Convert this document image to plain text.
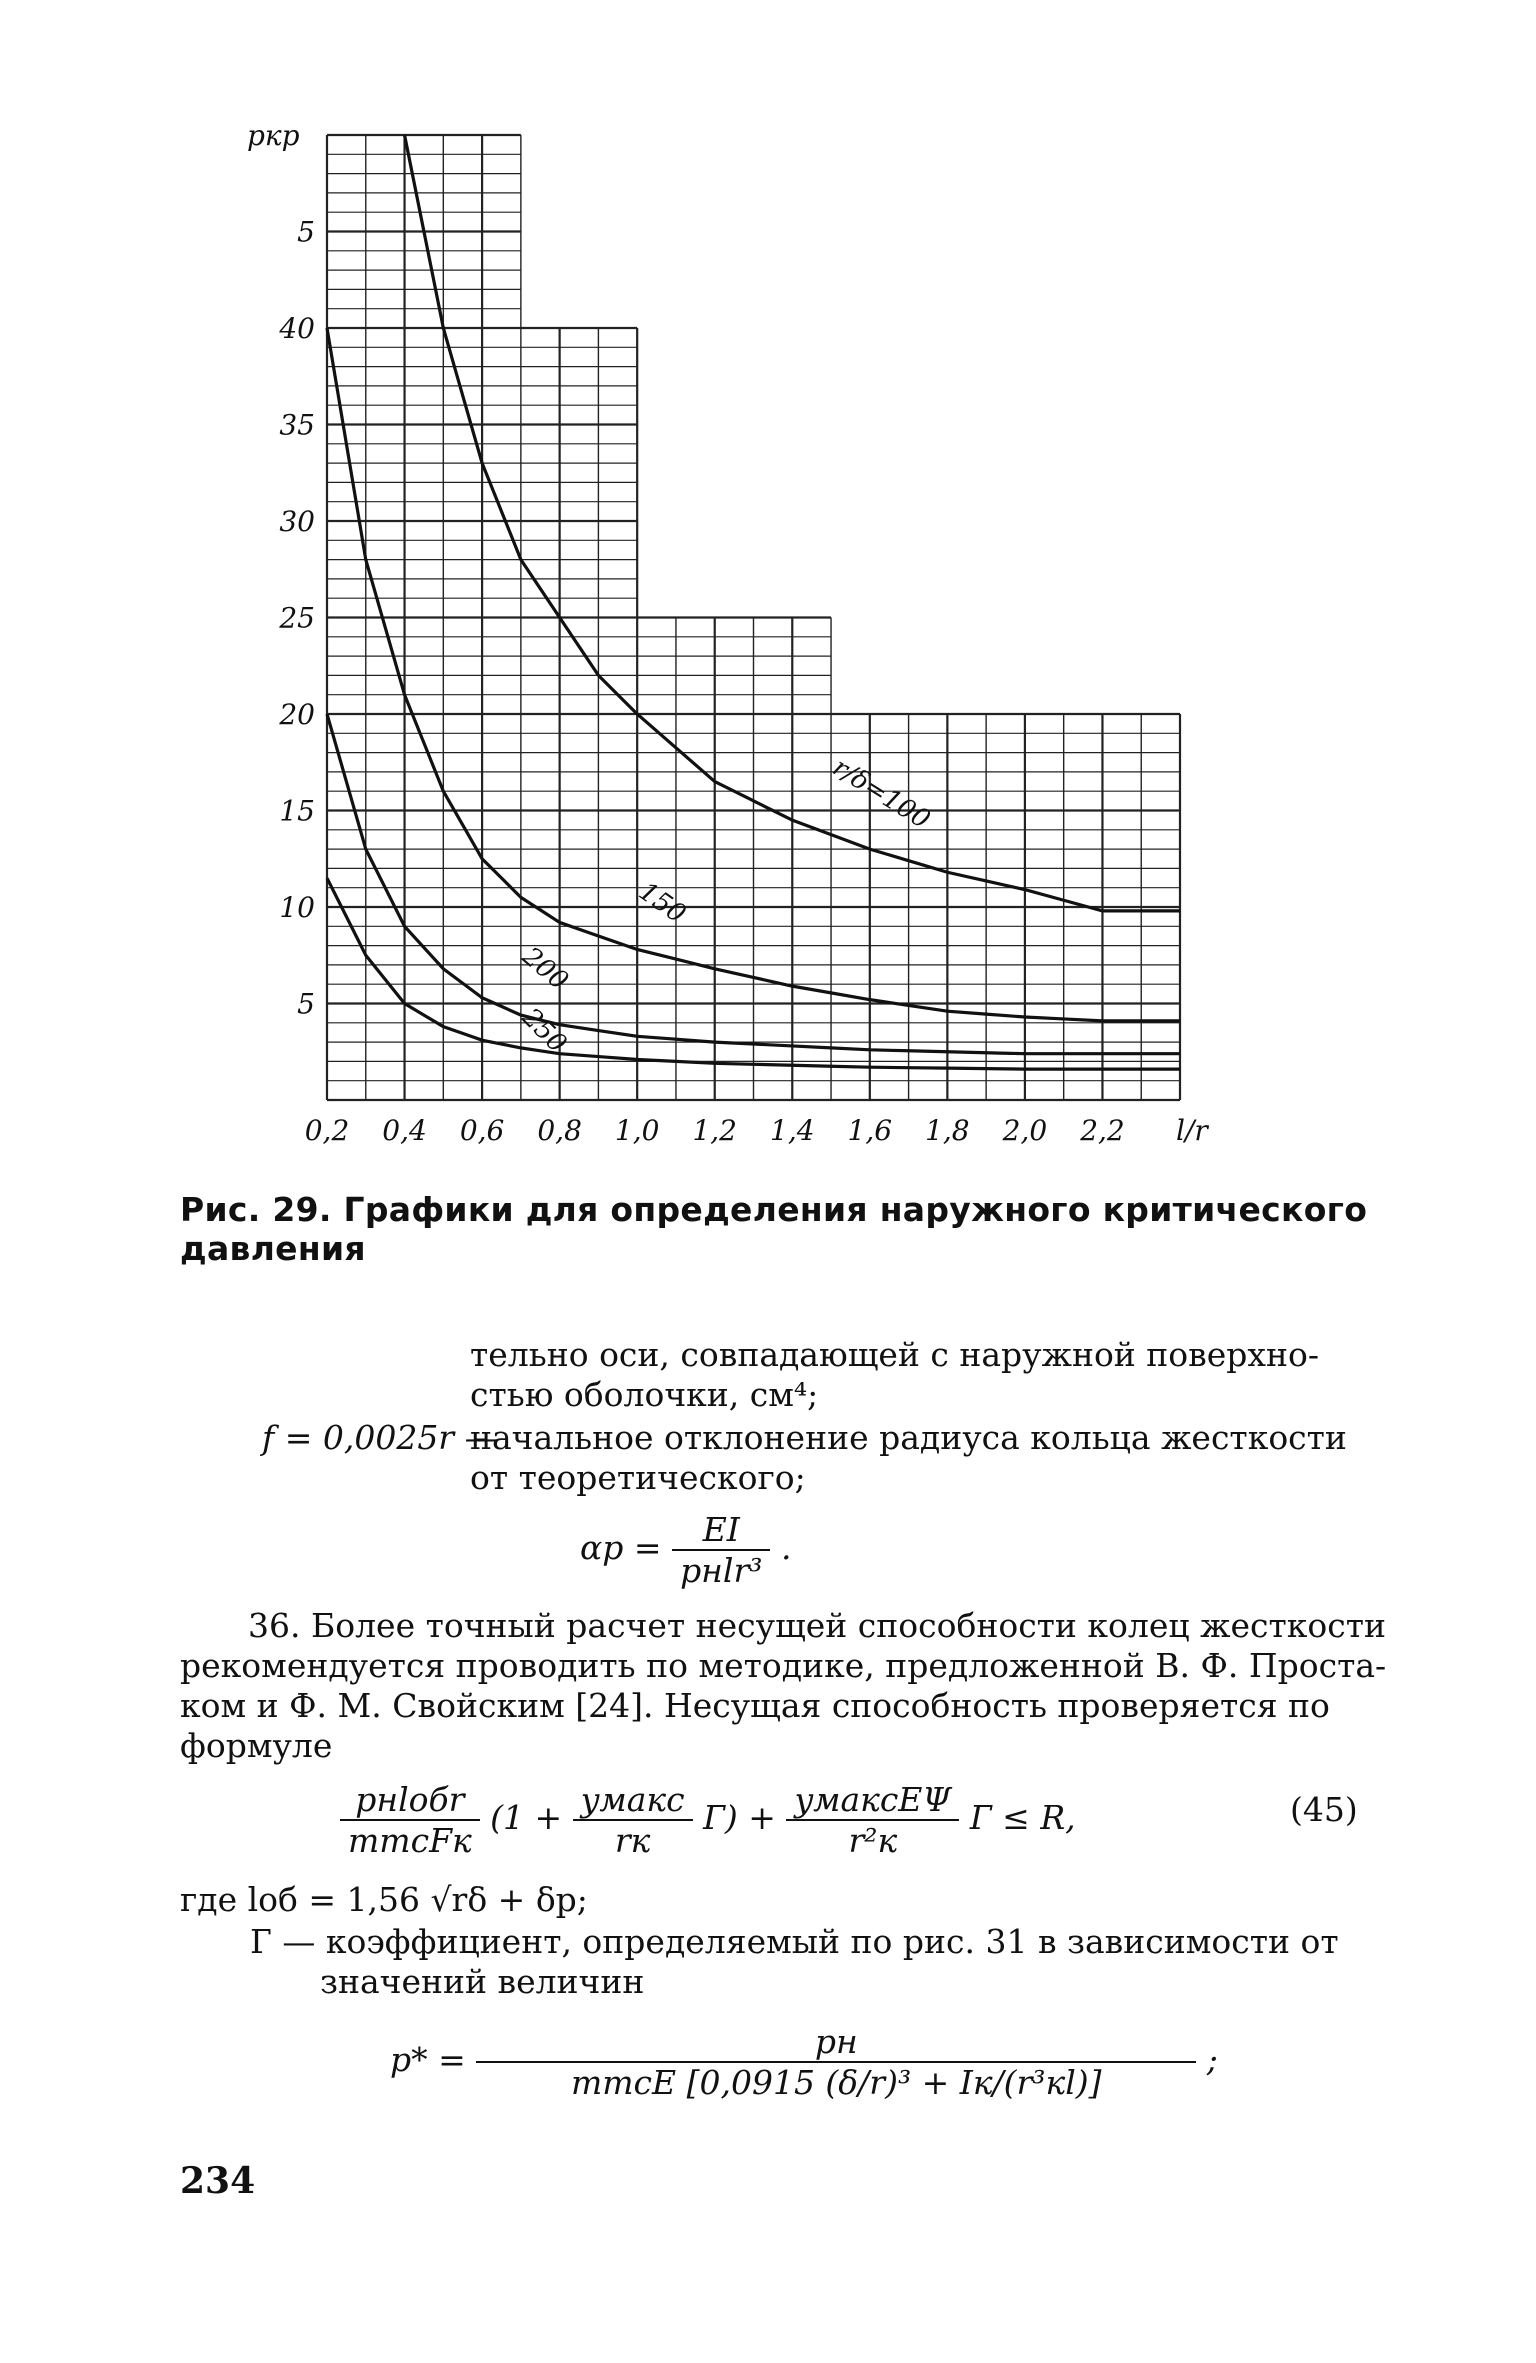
r/δ=100
150
200
250
0,2 0,4 0,6 0,8 1,0 1,2 1,4 1,6 1,8 2,0 2,2
5
10
15
20
25
30
35
40
5
pкр
l/r
Рис. 29. Графики для определения наружного критического давления
тельно оси, совпадающей с наружной поверхно-
стью оболочки, см⁴;
f = 0,0025r —
начальное отклонение радиуса кольца жесткости
от теоретического;
$\alpha р = \frac{EI}{\text{pнlr³}}$ .
36. Более точный расчет несущей способности колец жесткости
рекомендуется проводить по методике, предложенной В. Ф. Проста-
ком и Ф. М. Свойским [24]. Несущая способность проверяется по
формуле
$\frac{\text{pнlобr}}{\text{mmcFк}} (1 + \frac{\text{yмакс}}{rк} Г) + \frac{\text{yмаксEΨ}}{\text{r²к}}$ Г ≤ R,	(45)
где lоб = 1,56 √rδ + δр;
Г — коэффициент, определяемый по рис. 31 в зависимости от
значений величин
$p* = \frac{pн}{\text{mmcE [0,0915 (δ/r)³ + Iк/(r³кl)]}}$ ;
234
